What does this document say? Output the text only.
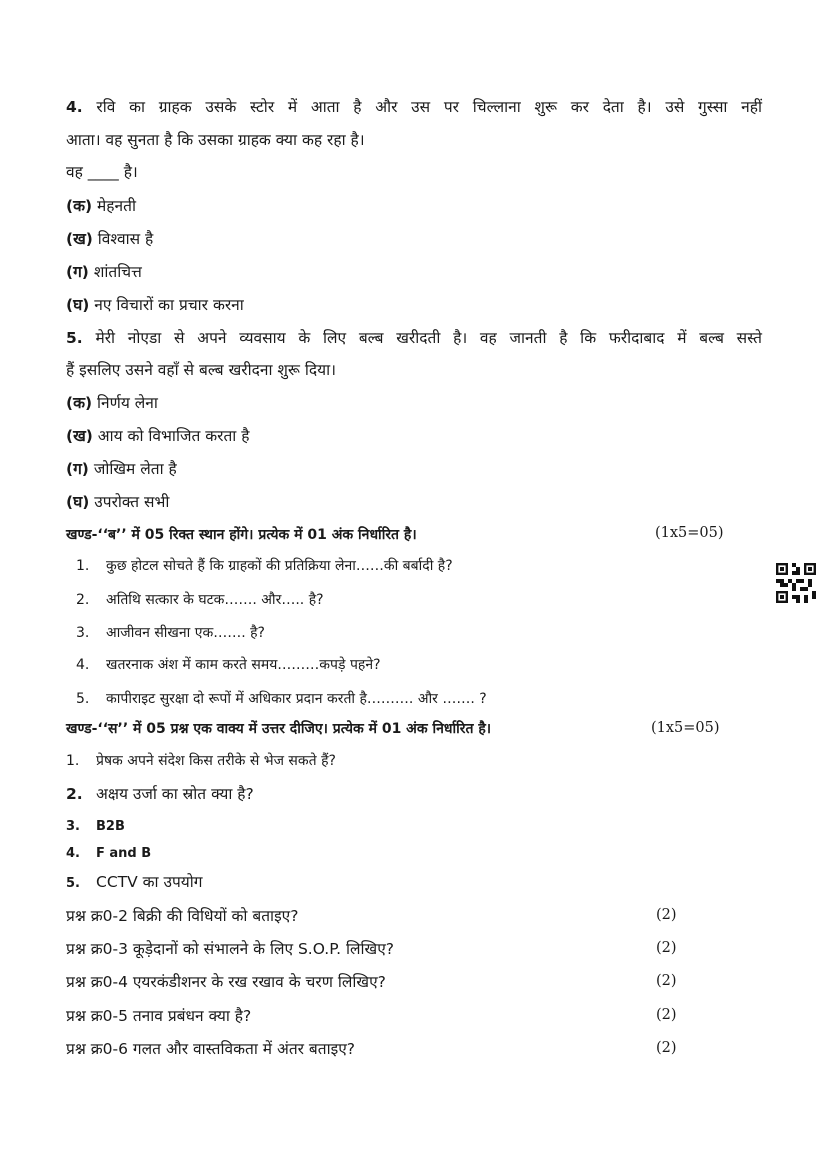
4. रवि का ग्राहक उसके स्टोर में आता है और उस पर चिल्लाना शुरू कर देता है। उसे गुस्सा नहीं
आता। वह सुनता है कि उसका ग्राहक क्या कह रहा है।
वह ____ है।
(क) मेहनती
(ख) विश्वास है
(ग) शांतचित्त
(घ) नए विचारों का प्रचार करना
5. मेरी नोएडा से अपने व्यवसाय के लिए बल्ब खरीदती है। वह जानती है कि फरीदाबाद में बल्ब सस्ते
हैं इसलिए उसने वहाँ से बल्ब खरीदना शुरू दिया।
(क) निर्णय लेना
(ख) आय को विभाजित करता है
(ग) जोखिम लेता है
(घ) उपरोक्त सभी
खण्ड-‘‘ब’’ में 05 रिक्त स्थान होंगे। प्रत्येक में 01 अंक निर्धारित है।	(1x5=05)
1. कुछ होटल सोचते हैं कि ग्राहकों की प्रतिक्रिया लेना……की बर्बादी है?
2. अतिथि सत्कार के घटक……. और….. है?
3. आजीवन सीखना एक……. है?
4. खतरनाक अंश में काम करते समय………कपड़े पहने?
5. कापीराइट सुरक्षा दो रूपों में अधिकार प्रदान करती है………. और ……. ?
खण्ड-‘‘स’’ में 05 प्रश्न एक वाक्य में उत्तर दीजिए। प्रत्येक में 01 अंक निर्धारित है।	(1x5=05)
1. प्रेषक अपने संदेश किस तरीके से भेज सकते हैं?
2. अक्षय उर्जा का स्रोत क्या है?
3. B2B
4. F and B
5. CCTV का उपयोग
प्रश्न क्र0-2 बिक्री की विधियों को बताइए?	(2)
प्रश्न क्र0-3 कूड़ेदानों को संभालने के लिए S.O.P. लिखिए?	(2)
प्रश्न क्र0-4 एयरकंडीशनर के रख रखाव के चरण लिखिए?	(2)
प्रश्न क्र0-5 तनाव प्रबंधन क्या है?	(2)
प्रश्न क्र0-6 गलत और वास्तविकता में अंतर बताइए?	(2)
